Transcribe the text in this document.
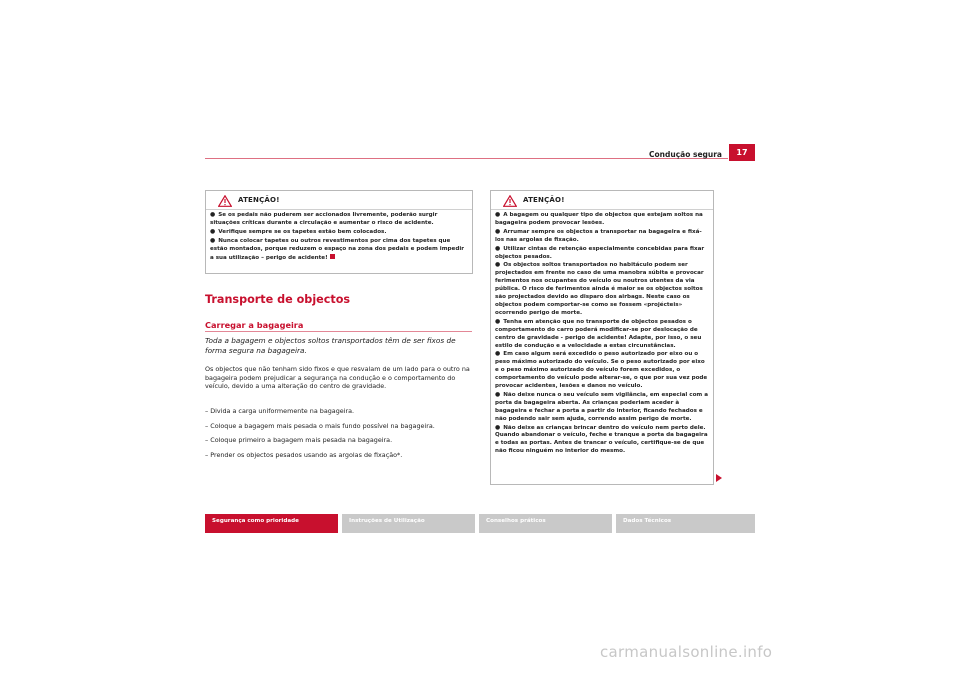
Condução segura	17
ATENÇÃO!
● Se os pedais não puderem ser accionados livremente, poderão surgir situações críticas durante a circulação e aumentar o risco de acidente.
● Verifique sempre se os tapetes estão bem colocados.
● Nunca colocar tapetes ou outros revestimentos por cima dos tapetes que estão montados, porque reduzem o espaço na zona dos pedais e podem impedir a sua utilização – perigo de acidente!
Transporte de objectos
Carregar a bagageira

Toda a bagagem e objectos soltos transportados têm de ser fixos de forma segura na bagageira.

Os objectos que não tenham sido fixos e que resvalam de um lado para o outro na bagageira podem prejudicar a segurança na condução e o comportamento do veículo, devido a uma alteração do centro de gravidade.

– Divida a carga uniformemente na bagageira.
– Coloque a bagagem mais pesada o mais fundo possível na bagageira.
– Coloque primeiro a bagagem mais pesada na bagageira.
– Prender os objectos pesados usando as argolas de fixação*.
ATENÇÃO!
● A bagagem ou qualquer tipo de objectos que estejam soltos na bagageira podem provocar lesões.
● Arrumar sempre os objectos a transportar na bagageira e fixá-los nas argolas de fixação.
● Utilizar cintas de retenção especialmente concebidas para fixar objectos pesados.
● Os objectos soltos transportados no habitáculo podem ser projectados em frente no caso de uma manobra súbita e provocar ferimentos nos ocupantes do veículo ou noutros utentes da via pública. O risco de ferimentos ainda é maior se os objectos soltos são projectados devido ao disparo dos airbags. Neste caso os objectos podem comportar-se como se fossem «projécteis» ocorrendo perigo de morte.
● Tenha em atenção que no transporte de objectos pesados o comportamento do carro poderá modificar-se por deslocação de centro de gravidade - perigo de acidente! Adapte, por isso, o seu estilo de condução e a velocidade a estas circunstâncias.
● Em caso algum será excedido o peso autorizado por eixo ou o peso máximo autorizado do veículo. Se o peso autorizado por eixo e o peso máximo autorizado do veículo forem excedidos, o comportamento do veículo pode alterar-se, o que por sua vez pode provocar acidentes, lesões e danos no veículo.
● Não deixe nunca o seu veículo sem vigilância, em especial com a porta da bagageira aberta. As crianças poderiam aceder à bagageira e fechar a porta a partir do interior, ficando fechados e não podendo sair sem ajuda, correndo assim perigo de morte.
● Não deixe as crianças brincar dentro do veículo nem perto dele. Quando abandonar o veículo, feche e tranque a porta da bagageira e todas as portas. Antes de trancar o veículo, certifique-se de que não ficou ninguém no interior do mesmo.
Segurança como prioridade	Instruções de Utilização	Conselhos práticos	Dados Técnicos
carmanualsonline.info
